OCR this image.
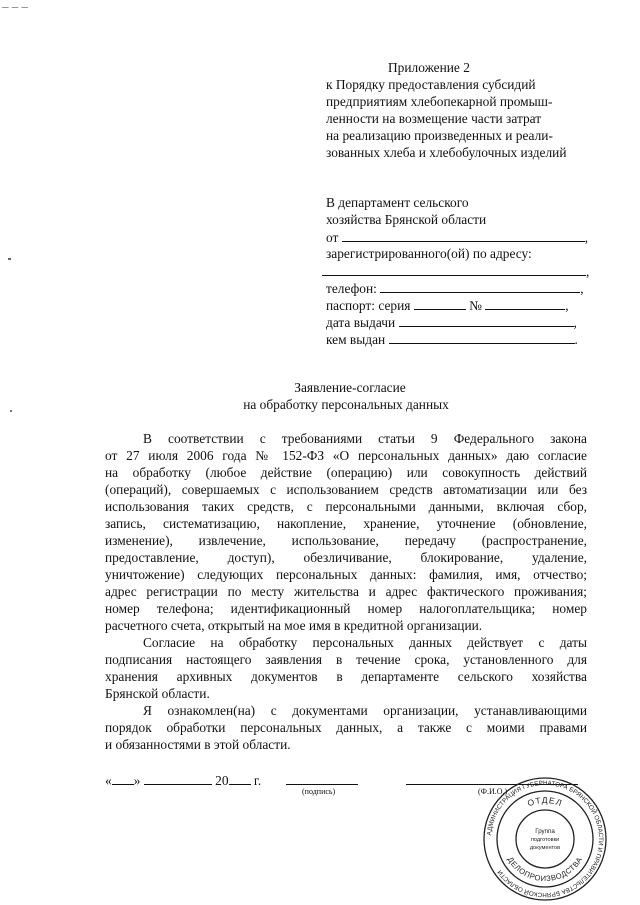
_ _ _
Приложение 2
к Порядку предоставления субсидий
предприятиям хлебопекарной промыш-
ленности на возмещение части затрат
на реализацию произведенных и реали-
зованных хлеба и хлебобулочных изделий
В департамент сельского
хозяйства Брянской области
от	,
зарегистрированного(ой) по адресу:
,
телефон:	,
паспорт: серия	№	,
дата выдачи	,
кем выдан	.
Заявление-согласие
на обработку персональных данных
В соответствии с требованиями статьи 9 Федерального закона
от 27 июля 2006 года № 152-ФЗ «О персональных данных» даю согласие
на обработку (любое действие (операцию) или совокупность действий
(операций), совершаемых с использованием средств автоматизации или без
использования таких средств, с персональными данными, включая сбор,
запись, систематизацию, накопление, хранение, уточнение (обновление,
изменение), извлечение, использование, передачу (распространение,
предоставление, доступ), обезличивание, блокирование, удаление,
уничтожение) следующих персональных данных: фамилия, имя, отчество;
адрес регистрации по месту жительства и адрес фактического проживания;
номер телефона; идентификационный номер налогоплательщика; номер
расчетного счета, открытый на мое имя в кредитной организации.
Согласие на обработку персональных данных действует с даты
подписания настоящего заявления в течение срока, установленного для
хранения архивных документов в департаменте сельского хозяйства
Брянской области.
Я ознакомлен(на) с документами организации, устанавливающими
порядок обработки персональных данных, а также с моими правами
и обязанностями в этой области.
« »	20 г.
(подпись)	(Ф.И.О.)
АДМИНИСТРАЦИЯ ГУБЕРНАТОРА БРЯНСКОЙ ОБЛАСТИ И ПРАВИТЕЛЬСТВА БРЯНСКОЙ ОБЛАСТИ
ОТДЕЛ
ДЕЛОПРОИЗВОДСТВА
Группа
подготовки
документов
